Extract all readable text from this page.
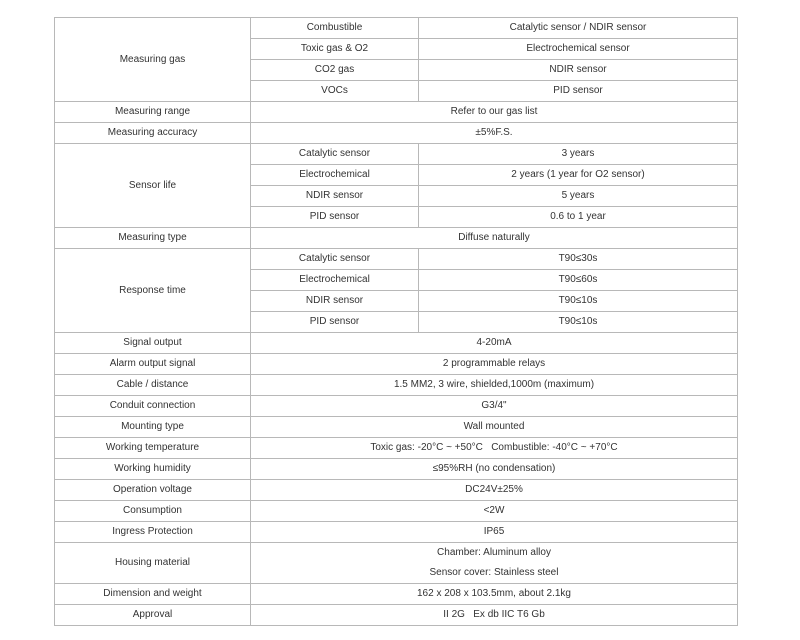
Measuring gas	Combustible	Catalytic sensor / NDIR sensor
	Toxic gas & O2	Electrochemical sensor
	CO2 gas	NDIR sensor
	VOCs	PID sensor
Measuring range	Refer to our gas list	
Measuring accuracy	±5%F.S.	
Sensor life	Catalytic sensor	3 years
	Electrochemical	2 years (1 year for O2 sensor)
	NDIR sensor	5 years
	PID sensor	0.6 to 1 year
Measuring type	Diffuse naturally	
Response time	Catalytic sensor	T90≤30s
	Electrochemical	T90≤60s
	NDIR sensor	T90≤10s
	PID sensor	T90≤10s
Signal output	4-20mA	
Alarm output signal	2 programmable relays	
Cable / distance	1.5 MM2, 3 wire, shielded,1000m (maximum)	
Conduit connection	G3/4"	
Mounting type	Wall mounted	
Working temperature	Toxic gas: -20°C ~ +50°C   Combustible: -40°C ~ +70°C	
Working humidity	≤95%RH (no condensation)	
Operation voltage	DC24V±25%	
Consumption	<2W	
Ingress Protection	IP65	
Housing material	Chamber: Aluminum alloy	
	Sensor cover: Stainless steel	
Dimension and weight	162 x 208 x 103.5mm, about 2.1kg	
Approval	II 2G   Ex db IIC T6 Gb	
